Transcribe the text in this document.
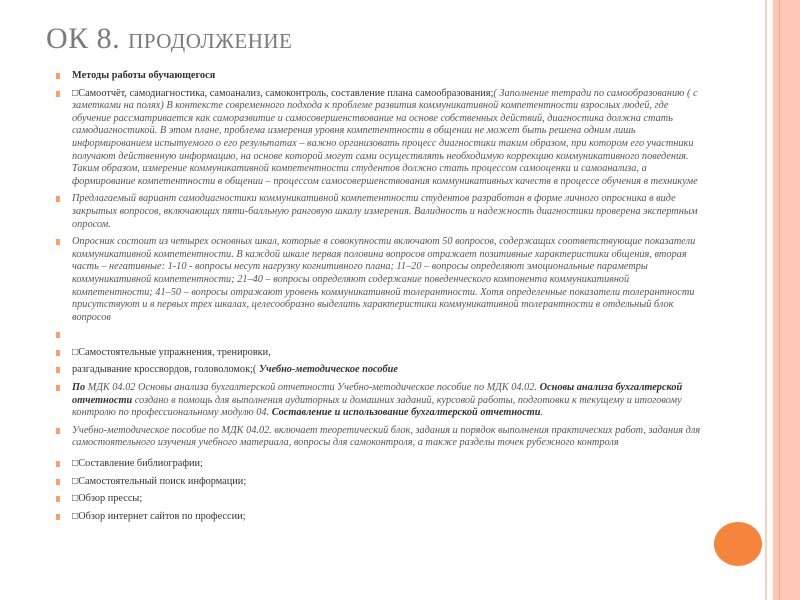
ОК 8. продолжение
Методы работы обучающегося
□Самоотчёт, самодиагностика, самоанализ, самоконтроль, составление плана самообразования;( Заполнение тетради по самообразованию ( с заметками на полях) В контексте современного подхода к проблеме развития коммуникативной компетентности взрослых людей, где обучение рассматривается как саморазвитие и самосовершенствование на основе собственных действий, диагностика должна стать самодиагностикой. В этом плане, проблема измерения уровня компетентности в общении не может быть решена одним лишь информированием испытуемого о его результатах – важно организовать процесс диагностики таким образом, при котором его участники получают действенную информацию, на основе которой могут сами осуществлять необходимую коррекцию коммуникативного поведения. Таким образом, измерение коммуникативной компетентности студентов должно стать процессом самооценки и самоанализа, а формирование компетентности в общении – процессом самосовершенствования коммуникативных качеств в процессе обучения в техникуме
Предлагаемый вариант самодиагностики коммуникативной компетентности студентов разработан в форме личного опросника в виде закрытых вопросов, включающих пяти-балльную ранговую шкалу измерения. Валидность и надежность диагностики проверена экспертным опросом.
Опросник состоит из четырех основных шкал, которые в совокупности включают 50 вопросов, содержащих соответствующие показатели коммуникативной компетентности. В каждой шкале первая половина вопросов отражает позитивные характеристики общения, вторая часть – негативные: 1-10 - вопросы несут нагрузку когнитивного плана; 11–20 – вопросы определяют эмоциональные параметры коммуникативной компетентности; 21–40 – вопросы определяют содержание поведенческого компонента коммуникативной компетентности; 41–50 – вопросы отражают уровень коммуникативной толерантности. Хотя определенные показатели толерантности присутствуют и в первых трех шкалах, целесообразно выделить характеристики коммуникативной толерантности в отдельный блок вопросов
□Самостоятельные упражнения, тренировки,
разгадывание кроссвордов, головоломок;( Учебно-методическое пособие
По МДК 04.02 Основы анализа бухгалтерской отчетности Учебно-методическое пособие по МДК 04.02. Основы анализа бухгалтерской отчетности создано в помощь для выполнения аудиторных и домашних заданий, курсовой работы, подготовки к текущему и итоговому контролю по профессиональному модулю 04. Составление и использование бухгалтерской отчетности.
Учебно-методическое пособие по МДК 04.02. включает теоретический блок, задания и порядок выполнения практических работ, задания для самостоятельного изучения учебного материала, вопросы для самоконтроля, а также разделы точек рубежного контроля
□Составление библиографии;
□Самостоятельный поиск информации;
□Обзор прессы;
□Обзор интернет сайтов по профессии;
